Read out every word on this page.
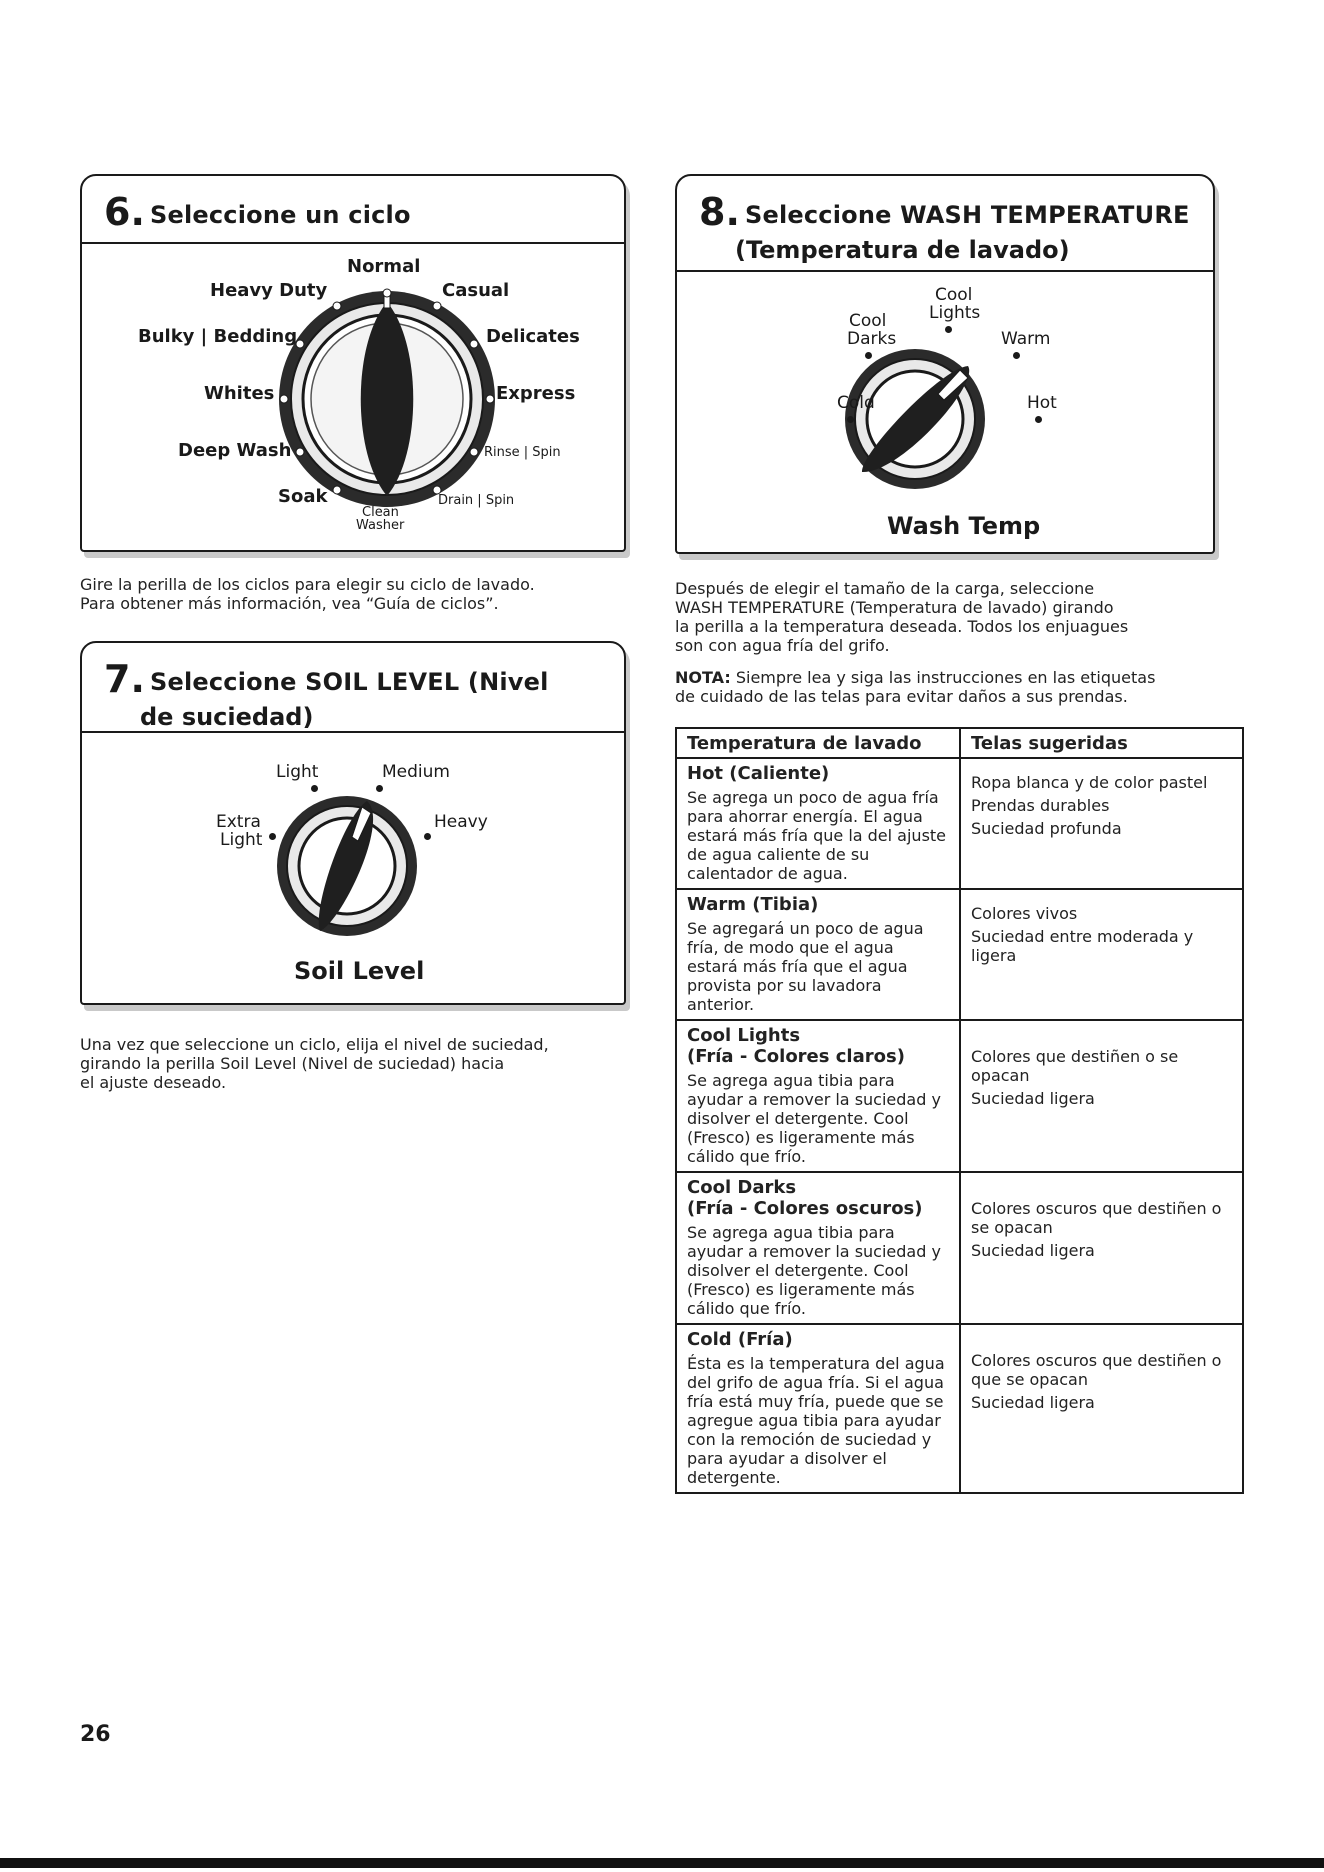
6. Seleccione un ciclo
Normal
Heavy Duty	Casual
Bulky | Bedding	Delicates
Whites	Express
Deep Wash	Rinse | Spin
Soak	Drain | Spin
Clean
Washer
Gire la perilla de los ciclos para elegir su ciclo de lavado.
Para obtener más información, vea “Guía de ciclos”.
7. Seleccione SOIL LEVEL (Nivel
de suciedad)
Light	Medium
Extra
Light
Heavy
Soil Level
Una vez que seleccione un ciclo, elija el nivel de suciedad,
girando la perilla Soil Level (Nivel de suciedad) hacia
el ajuste deseado.
8. Seleccione WASH TEMPERATURE
(Temperatura de lavado)
Cool
Lights
Cool
Darks	Warm
Cold	Hot
Wash Temp
Después de elegir el tamaño de la carga, seleccione
WASH TEMPERATURE (Temperatura de lavado) girando
la perilla a la temperatura deseada. Todos los enjuagues
son con agua fría del grifo.
NOTA: Siempre lea y siga las instrucciones en las etiquetas
de cuidado de las telas para evitar daños a sus prendas.
Temperatura de lavado	Telas sugeridas

Hot (Caliente)
Se agrega un poco de agua fría para ahorrar energía. El agua estará más fría que la del ajuste de agua caliente de su calentador de agua.	Ropa blanca y de color pastel
Prendas durables
Suciedad profunda

Warm (Tibia)
Se agregará un poco de agua fría, de modo que el agua estará más fría que el agua provista por su lavadora anterior.	Colores vivos
Suciedad entre moderada y ligera

Cool Lights
(Fría - Colores claros)
Se agrega agua tibia para ayudar a remover la suciedad y disolver el detergente. Cool (Fresco) es ligeramente más cálido que frío.	Colores que destiñen o se opacan
Suciedad ligera

Cool Darks
(Fría - Colores oscuros)
Se agrega agua tibia para ayudar a remover la suciedad y disolver el detergente. Cool (Fresco) es ligeramente más cálido que frío.	Colores oscuros que destiñen o se opacan
Suciedad ligera

Cold (Fría)
Ésta es la temperatura del agua del grifo de agua fría. Si el agua fría está muy fría, puede que se agregue agua tibia para ayudar con la remoción de suciedad y para ayudar a disolver el detergente.	Colores oscuros que destiñen o que se opacan
Suciedad ligera
26
